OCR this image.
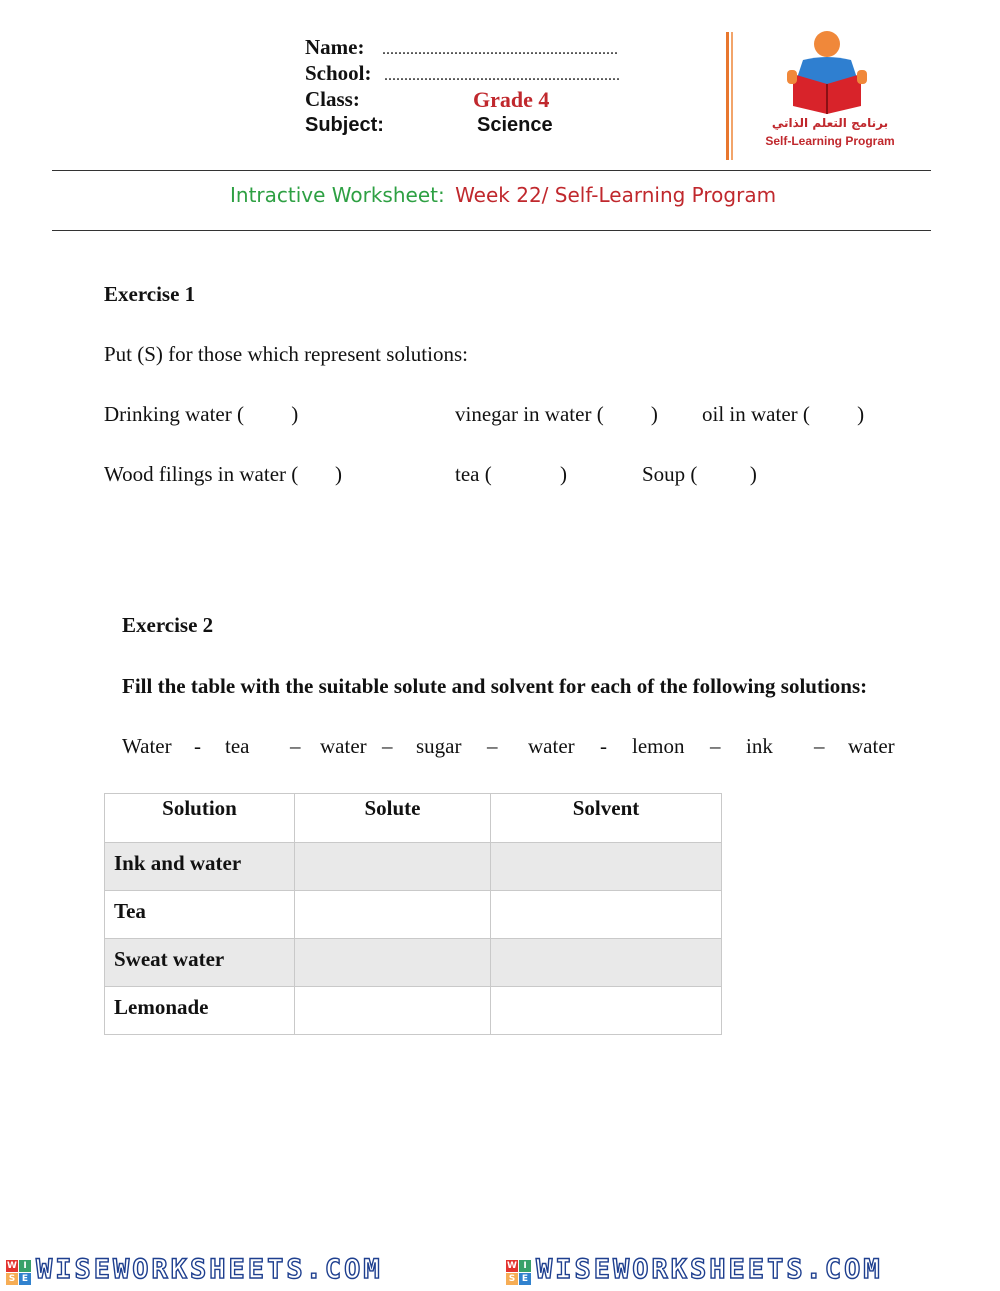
Name: ...........................................................
School: ...........................................................
Class:	Grade 4
Subject:	Science	برنامج التعلم الذاتي
Self-Learning Program
Intractive Worksheet: Week 22/ Self-Learning Program
Exercise 1
Put (S) for those which represent solutions:
Drinking water (         )	vinegar in water (         ) oil in water (         )
Wood filings in water (       )	tea (             )	Soup (          )
Exercise 2
Fill the table with the suitable solute and solvent for each of the following solutions:
Water - tea – water – sugar – water - lemon – ink – water
Solution	Solute	Solvent
Ink and water		
Tea		
Sweat water		
Lemonade		
W I
S E WISEWORKSHEETS.COM	W I
S E WISEWORKSHEETS.COM
